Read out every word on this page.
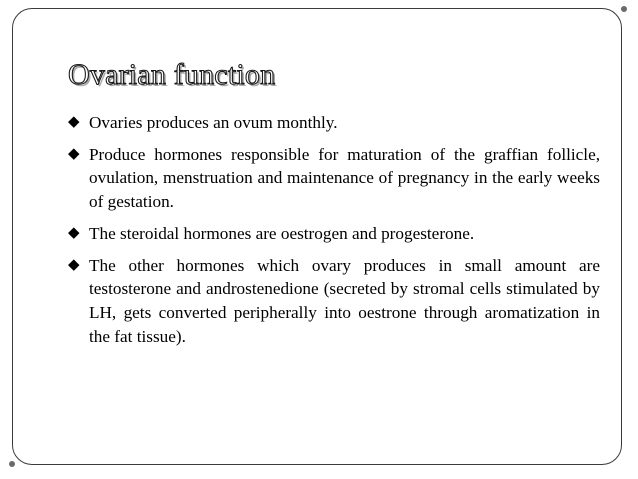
Ovarian function
◆ Ovaries produces an ovum monthly.
◆ Produce hormones responsible for maturation of the graffian follicle, ovulation, menstruation and maintenance of pregnancy in the early weeks of gestation.
◆ The steroidal hormones are oestrogen and progesterone.
◆ The other hormones which ovary produces in small amount are testosterone and androstenedione (secreted by stromal cells stimulated by LH, gets converted peripherally into oestrone through aromatization in the fat tissue).
